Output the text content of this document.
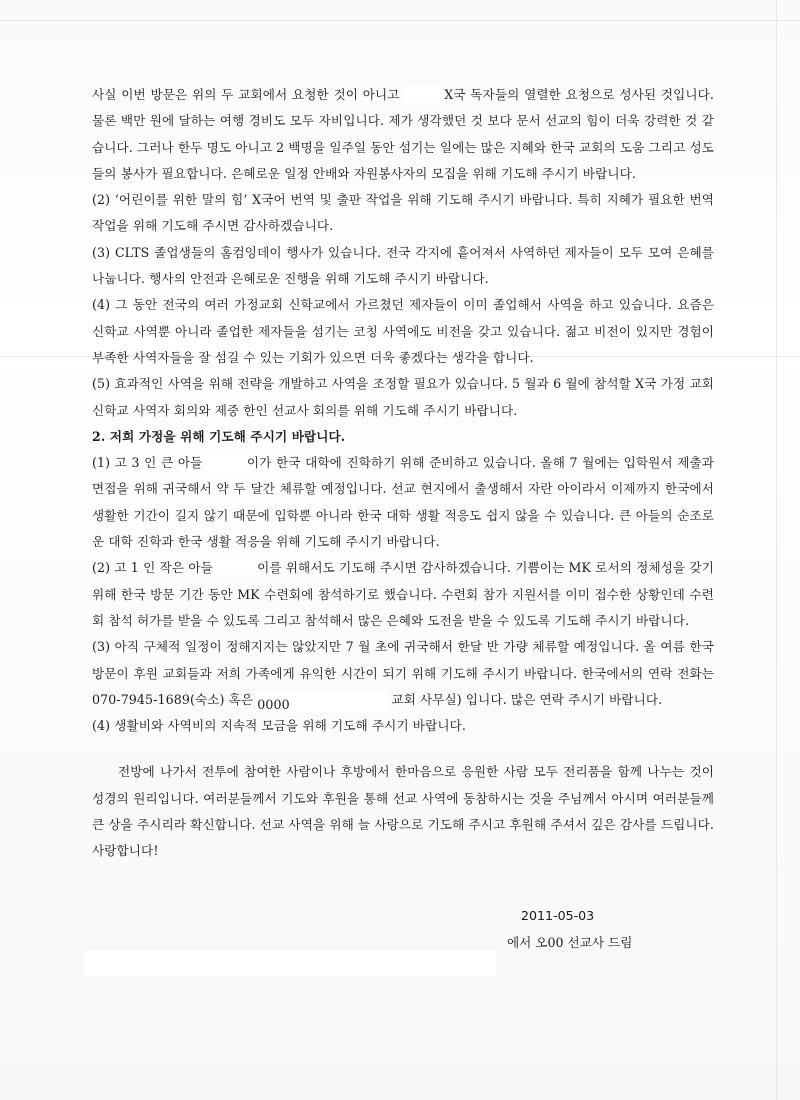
사실 이번 방문은 위의 두 교회에서 요청한 것이 아니고	X국 독자들의 열렬한 요청으로 성사된 것입니다. 물론 백만 원에 달하는 여행 경비도 모두 자비입니다. 제가 생각했던 것 보다 문서 선교의 힘이 더욱 강력한 것 같습니다. 그러나 한두 명도 아니고 2 백명을 일주일 동안 섬기는 일에는 많은 지혜와 한국 교회의 도움 그리고 성도들의 봉사가 필요합니다. 은혜로운 일정 안배와 자원봉사자의 모집을 위해 기도해 주시기 바랍니다.

(2) ‘어린이를 위한 말의 힘’ X국어 번역 및 출판 작업을 위해 기도해 주시기 바랍니다. 특히 지혜가 필요한 번역 작업을 위해 기도해 주시면 감사하겠습니다.

(3) CLTS 졸업생들의 홈컴잉데이 행사가 있습니다. 전국 각지에 흩어져서 사역하던 제자들이 모두 모여 은혜를 나눕니다. 행사의 안전과 은혜로운 진행을 위해 기도해 주시기 바랍니다.

(4) 그 동안 전국의 여러 가정교회 신학교에서 가르쳤던 제자들이 이미 졸업해서 사역을 하고 있습니다. 요즘은 신학교 사역뿐 아니라 졸업한 제자들을 섬기는 코칭 사역에도 비전을 갖고 있습니다. 젊고 비전이 있지만 경험이 부족한 사역자들을 잘 섬길 수 있는 기회가 있으면 더욱 좋겠다는 생각을 합니다.

(5) 효과적인 사역을 위해 전략을 개발하고 사역을 조정할 필요가 있습니다. 5 월과 6 월에 참석할 X국 가정 교회 신학교 사역자 회의와 제중 한인 선교사 회의를 위해 기도해 주시기 바랍니다.

2. 저희 가정을 위해 기도해 주시기 바랍니다.

(1) 고 3 인 큰 아들	이가 한국 대학에 진학하기 위해 준비하고 있습니다. 올해 7 월에는 입학원서 제출과 면접을 위해 귀국해서 약 두 달간 체류할 예정입니다. 선교 현지에서 출생해서 자란 아이라서 이제까지 한국에서 생활한 기간이 길지 않기 때문에 입학뿐 아니라 한국 대학 생활 적응도 쉽지 않을 수 있습니다. 큰 아들의 순조로운 대학 진학과 한국 생활 적응을 위해 기도해 주시기 바랍니다.

(2) 고 1 인 작은 아들	이를 위해서도 기도해 주시면 감사하겠습니다. 기쁨이는 MK 로서의 정체성을 갖기 위해 한국 방문 기간 동안 MK 수련회에 참석하기로 했습니다. 수련회 참가 지원서를 이미 접수한 상황인데 수련회 참석 허가를 받을 수 있도록 그리고 참석해서 많은 은혜와 도전을 받을 수 있도록 기도해 주시기 바랍니다.

(3) 아직 구체적 일정이 정해지지는 않았지만 7 월 초에 귀국해서 한달 반 가량 체류할 예정입니다. 올 여름 한국 방문이 후원 교회들과 저희 가족에게 유익한 시간이 되기 위해 기도해 주시기 바랍니다. 한국에서의 연락 전화는 070-7945-1689(숙소) 혹은 0000	교회 사무실) 입니다. 많은 연락 주시기 바랍니다.

(4) 생활비와 사역비의 지속적 모금을 위해 기도해 주시기 바랍니다.

전방에 나가서 전투에 참여한 사람이나 후방에서 한마음으로 응원한 사람 모두 전리품을 함께 나누는 것이 성경의 원리입니다. 여러분들께서 기도와 후원을 통해 선교 사역에 동참하시는 것을 주님께서 아시며 여러분들께 큰 상을 주시리라 확신합니다. 선교 사역을 위해 늘 사랑으로 기도해 주시고 후원해 주셔서 깊은 감사를 드립니다. 사랑합니다!

2011-05-03
에서 오00 선교사 드림
